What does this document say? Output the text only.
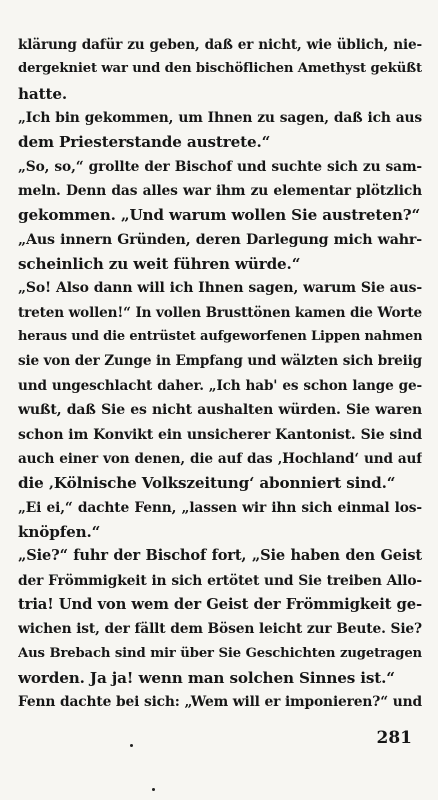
klärung dafür zu geben, daß er nicht, wie üblich, nie-
dergekniet war und den bischöflichen Amethyst geküßt
hatte.
„Ich bin gekommen, um Ihnen zu sagen, daß ich aus
dem Priesterstande austrete.“
„So, so,“ grollte der Bischof und suchte sich zu sam-
meln. Denn das alles war ihm zu elementar plötzlich
gekommen. „Und warum wollen Sie austreten?“
„Aus innern Gründen, deren Darlegung mich wahr-
scheinlich zu weit führen würde.“
„So! Also dann will ich Ihnen sagen, warum Sie aus-
treten wollen!“ In vollen Brusttönen kamen die Worte
heraus und die entrüstet aufgeworfenen Lippen nahmen
sie von der Zunge in Empfang und wälzten sich breiig
und ungeschlacht daher. „Ich hab' es schon lange ge-
wußt, daß Sie es nicht aushalten würden. Sie waren
schon im Konvikt ein unsicherer Kantonist. Sie sind
auch einer von denen, die auf das ‚Hochland‘ und auf
die ‚Kölnische Volkszeitung‘ abonniert sind.“
„Ei ei,“ dachte Fenn, „lassen wir ihn sich einmal los-
knöpfen.“
„Sie?“ fuhr der Bischof fort, „Sie haben den Geist
der Frömmigkeit in sich ertötet und Sie treiben Allo-
tria! Und von wem der Geist der Frömmigkeit ge-
wichen ist, der fällt dem Bösen leicht zur Beute. Sie?
Aus Brebach sind mir über Sie Geschichten zugetragen
worden. Ja ja! wenn man solchen Sinnes ist.“
Fenn dachte bei sich: „Wem will er imponieren?“ und
281
